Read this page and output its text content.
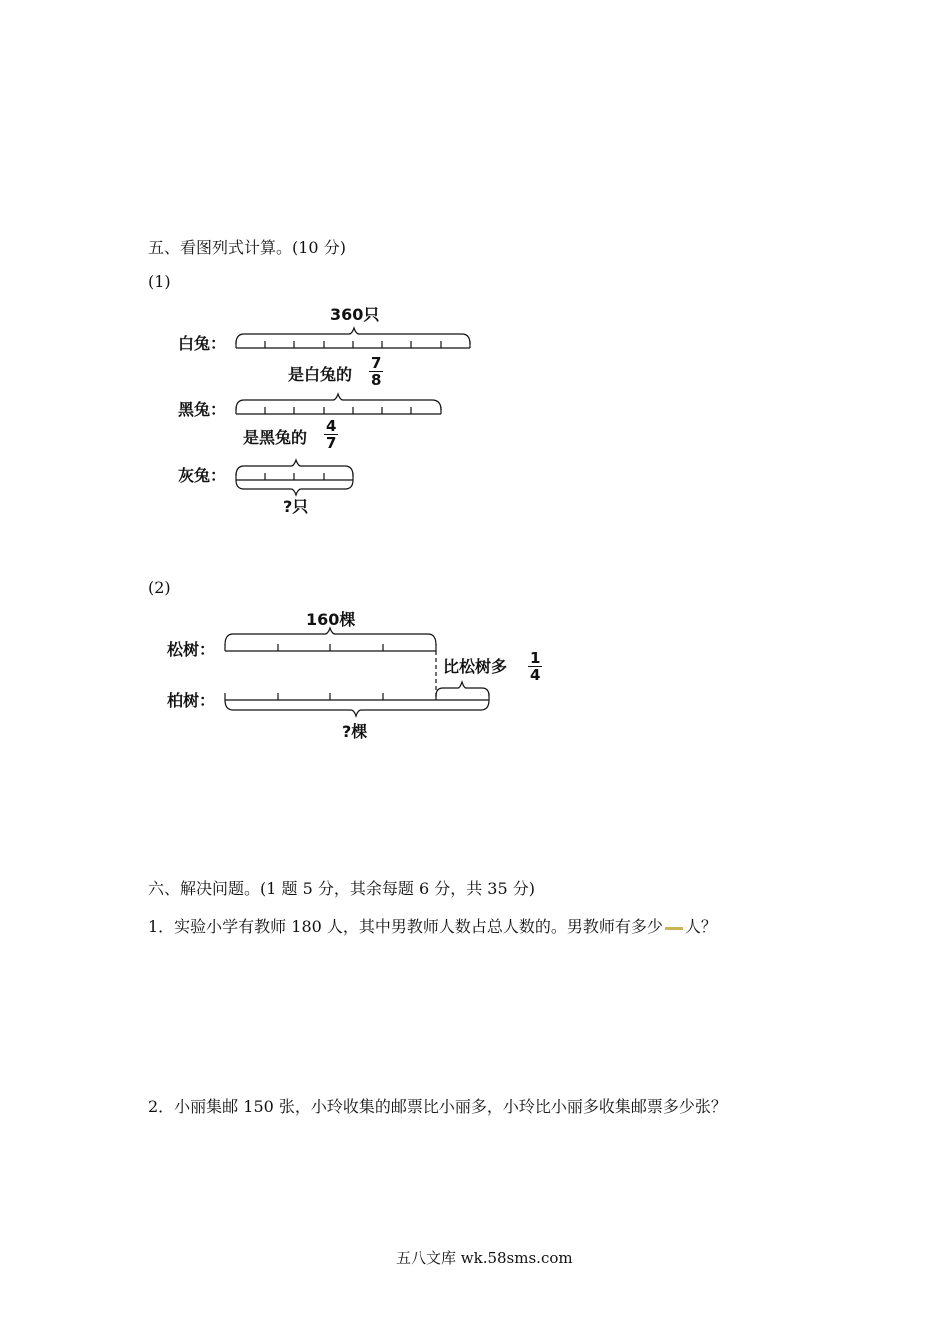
五、看图列式计算。(10 分)
(1)
白兔：
黑兔：
灰兔：
360只
是白兔的
是黑兔的
?只
$\frac{7}{8}$
$\frac{4}{7}$
(2)
松树：
柏树：
160棵
比松树多
?棵
$\frac{1}{4}$
六、解决问题。(1 题 5 分，其余每题 6 分，共 35 分)
1．实验小学有教师 180 人，其中男教师人数占总人数的。男教师有多少 人？
2．小丽集邮 150 张，小玲收集的邮票比小丽多，小玲比小丽多收集邮票多少张？
五八文库 wk.58sms.com
